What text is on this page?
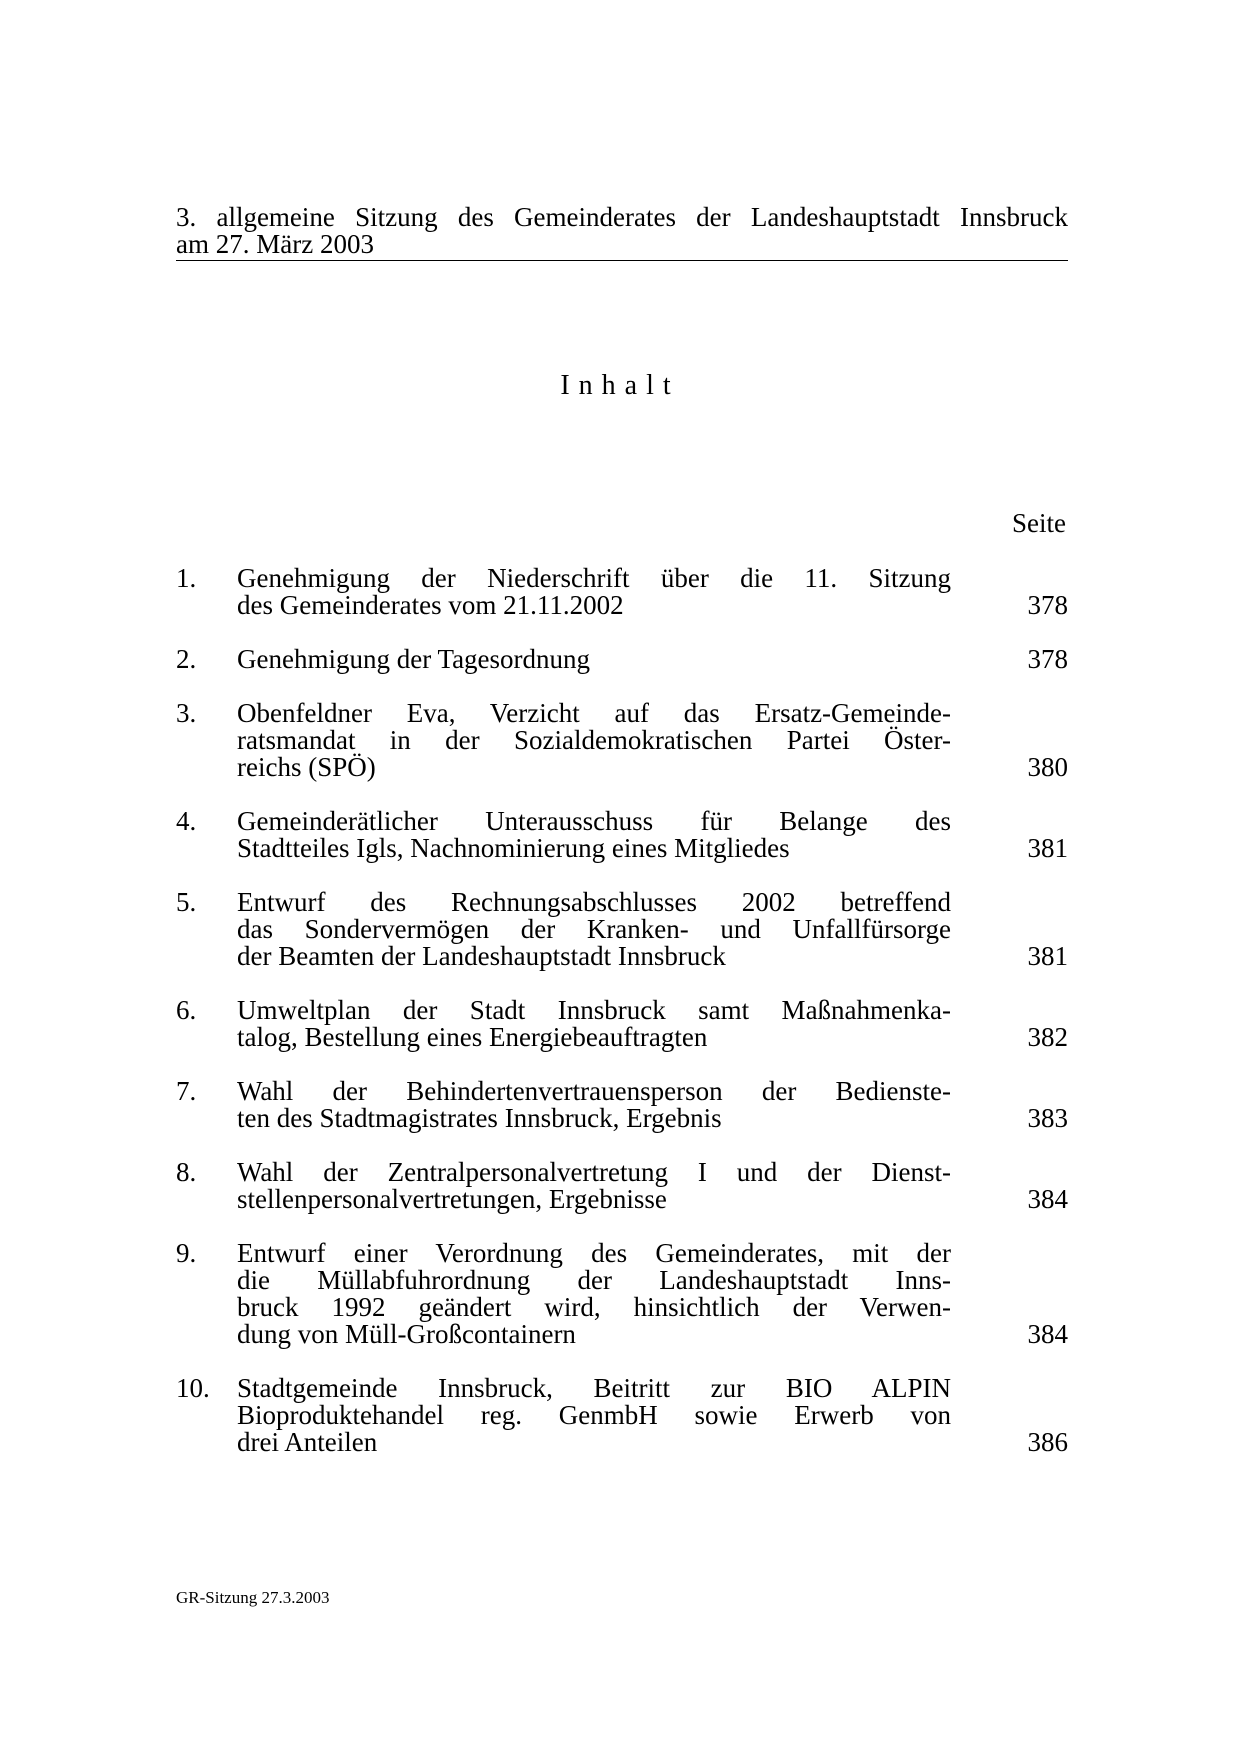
3. allgemeine Sitzung des Gemeinderates der Landeshauptstadt Innsbruck
am 27. März 2003
Inhalt
Seite
1. Genehmigung der Niederschrift über die 11. Sitzung
des Gemeinderates vom 21.11.2002	378
2. Genehmigung der Tagesordnung	378
3. Obenfeldner Eva, Verzicht auf das Ersatz-Gemeinde-
ratsmandat in der Sozialdemokratischen Partei Öster-
reichs (SPÖ)	380
4. Gemeinderätlicher Unterausschuss für Belange des
Stadtteiles Igls, Nachnominierung eines Mitgliedes	381
5. Entwurf des Rechnungsabschlusses 2002 betreffend
das Sondervermögen der Kranken- und Unfallfürsorge
der Beamten der Landeshauptstadt Innsbruck	381
6. Umweltplan der Stadt Innsbruck samt Maßnahmenka-
talog, Bestellung eines Energiebeauftragten	382
7. Wahl der Behindertenvertrauensperson der Bedienste-
ten des Stadtmagistrates Innsbruck, Ergebnis	383
8. Wahl der Zentralpersonalvertretung I und der Dienst-
stellenpersonalvertretungen, Ergebnisse	384
9. Entwurf einer Verordnung des Gemeinderates, mit der
die Müllabfuhrordnung der Landeshauptstadt Inns-
bruck 1992 geändert wird, hinsichtlich der Verwen-
dung von Müll-Großcontainern	384
10. Stadtgemeinde Innsbruck, Beitritt zur BIO ALPIN
Bioproduktehandel reg. GenmbH sowie Erwerb von
drei Anteilen	386
GR-Sitzung 27.3.2003
